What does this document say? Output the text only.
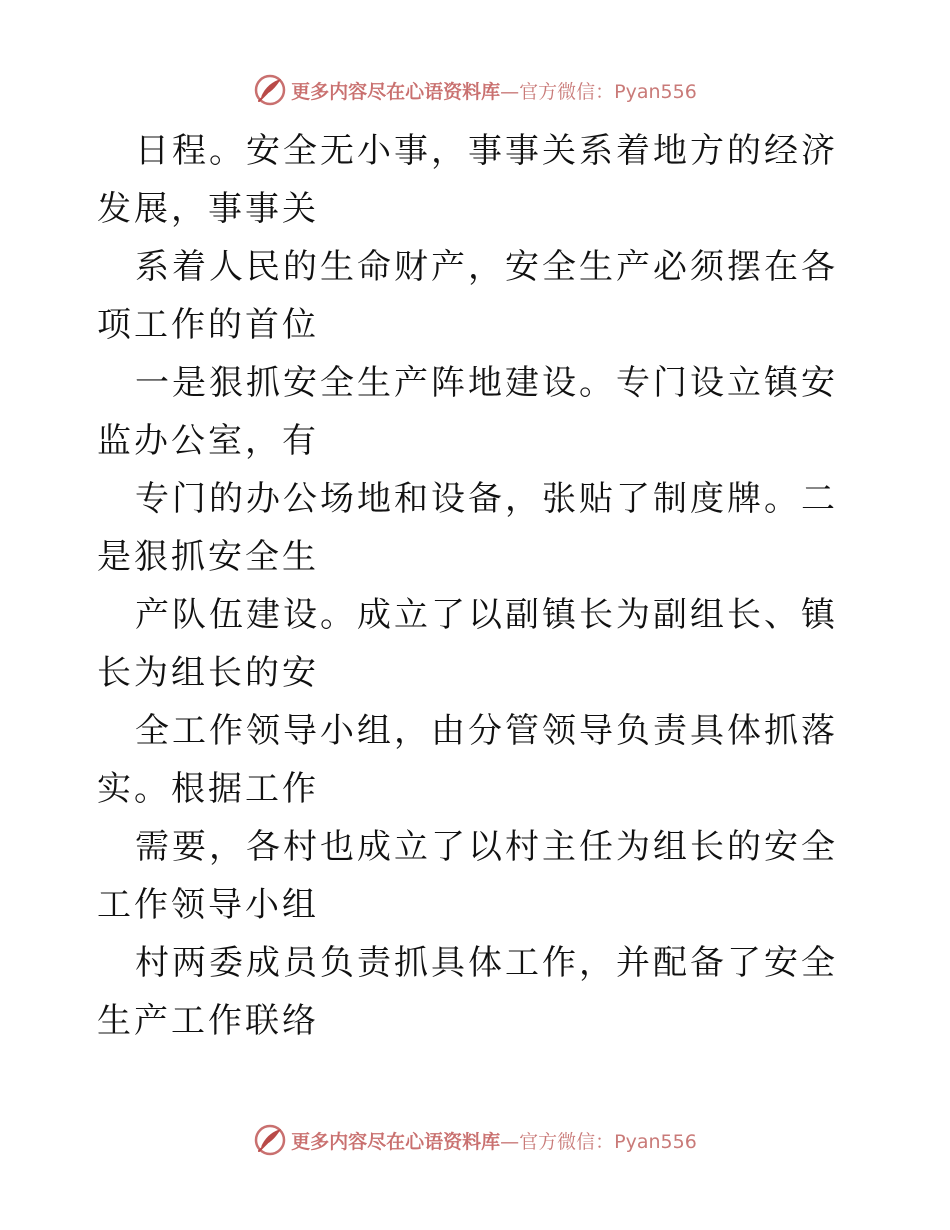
更多内容尽在心语资料库—官方微信：Pyan556

日程。安全无小事，事事关系着地方的经济发展，事事关

系着人民的生命财产，安全生产必须摆在各项工作的首位

一是狠抓安全生产阵地建设。专门设立镇安监办公室，有

专门的办公场地和设备，张贴了制度牌。二是狠抓安全生

产队伍建设。成立了以副镇长为副组长、镇长为组长的安

全工作领导小组，由分管领导负责具体抓落实。根据工作

需要，各村也成立了以村主任为组长的安全工作领导小组

村两委成员负责抓具体工作，并配备了安全生产工作联络

更多内容尽在心语资料库—官方微信：Pyan556
